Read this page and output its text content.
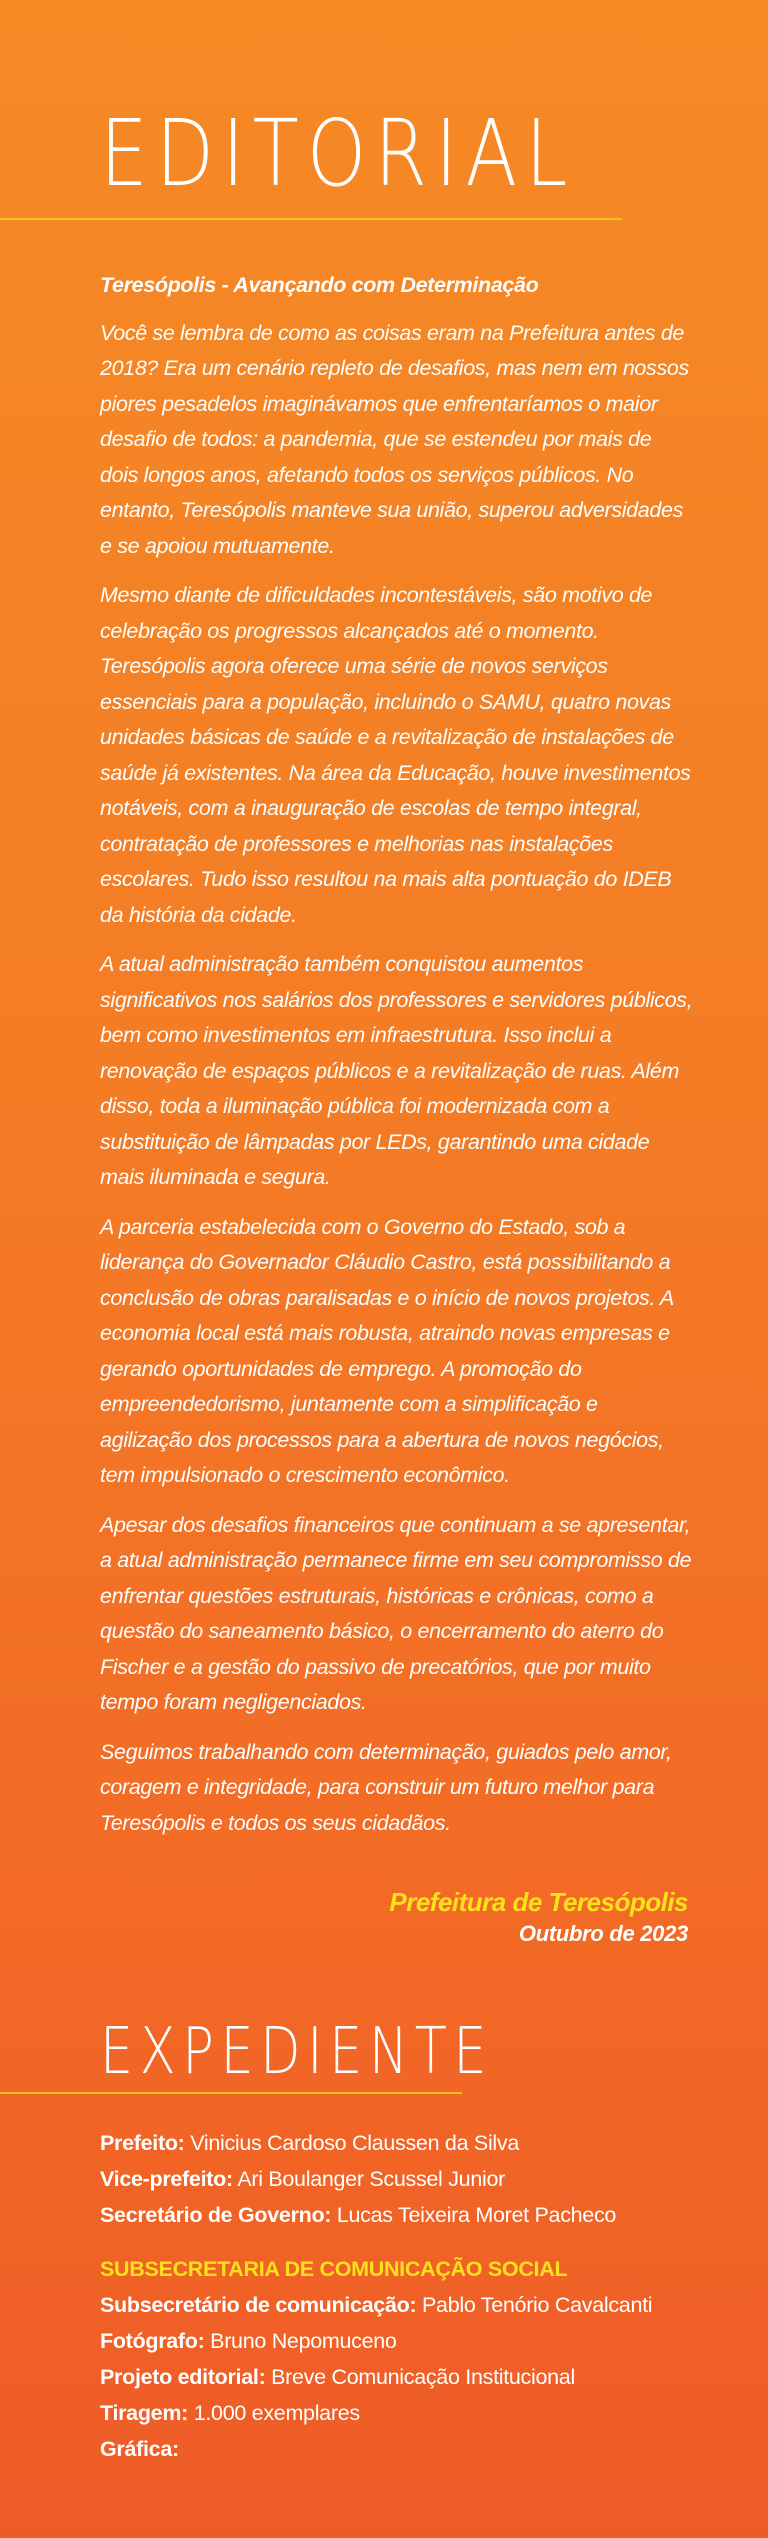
EDITORIAL

Teresópolis - Avançando com Determinação

Você se lembra de como as coisas eram na Prefeitura antes de 2018? Era um cenário repleto de desafios, mas nem em nossos piores pesadelos imaginávamos que enfrentaríamos o maior desafio de todos: a pandemia, que se estendeu por mais de dois longos anos, afetando todos os serviços públicos. No entanto, Teresópolis manteve sua união, superou adversidades e se apoiou mutuamente.

Mesmo diante de dificuldades incontestáveis, são motivo de celebração os progressos alcançados até o momento. Teresópolis agora oferece uma série de novos serviços essenciais para a população, incluindo o SAMU, quatro novas unidades básicas de saúde e a revitalização de instalações de saúde já existentes. Na área da Educação, houve investimentos notáveis, com a inauguração de escolas de tempo integral, contratação de professores e melhorias nas instalações escolares. Tudo isso resultou na mais alta pontuação do IDEB da história da cidade.

A atual administração também conquistou aumentos significativos nos salários dos professores e servidores públicos, bem como investimentos em infraestrutura. Isso inclui a renovação de espaços públicos e a revitalização de ruas. Além disso, toda a iluminação pública foi modernizada com a substituição de lâmpadas por LEDs, garantindo uma cidade mais iluminada e segura.

A parceria estabelecida com o Governo do Estado, sob a liderança do Governador Cláudio Castro, está possibilitando a conclusão de obras paralisadas e o início de novos projetos. A economia local está mais robusta, atraindo novas empresas e gerando oportunidades de emprego. A promoção do empreendedorismo, juntamente com a simplificação e agilização dos processos para a abertura de novos negócios, tem impulsionado o crescimento econômico.

Apesar dos desafios financeiros que continuam a se apresentar, a atual administração permanece firme em seu compromisso de enfrentar questões estruturais, históricas e crônicas, como a questão do saneamento básico, o encerramento do aterro do Fischer e a gestão do passivo de precatórios, que por muito tempo foram negligenciados.

Seguimos trabalhando com determinação, guiados pelo amor, coragem e integridade, para construir um futuro melhor para Teresópolis e todos os seus cidadãos.

Prefeitura de Teresópolis
Outubro de 2023
EXPEDIENTE

Prefeito: Vinicius Cardoso Claussen da Silva

Vice-prefeito: Ari Boulanger Scussel Junior

Secretário de Governo: Lucas Teixeira Moret Pacheco

SUBSECRETARIA DE COMUNICAÇÃO SOCIAL

Subsecretário de comunicação: Pablo Tenório Cavalcanti

Fotógrafo: Bruno Nepomuceno

Projeto editorial: Breve Comunicação Institucional

Tiragem: 1.000 exemplares

Gráfica:
